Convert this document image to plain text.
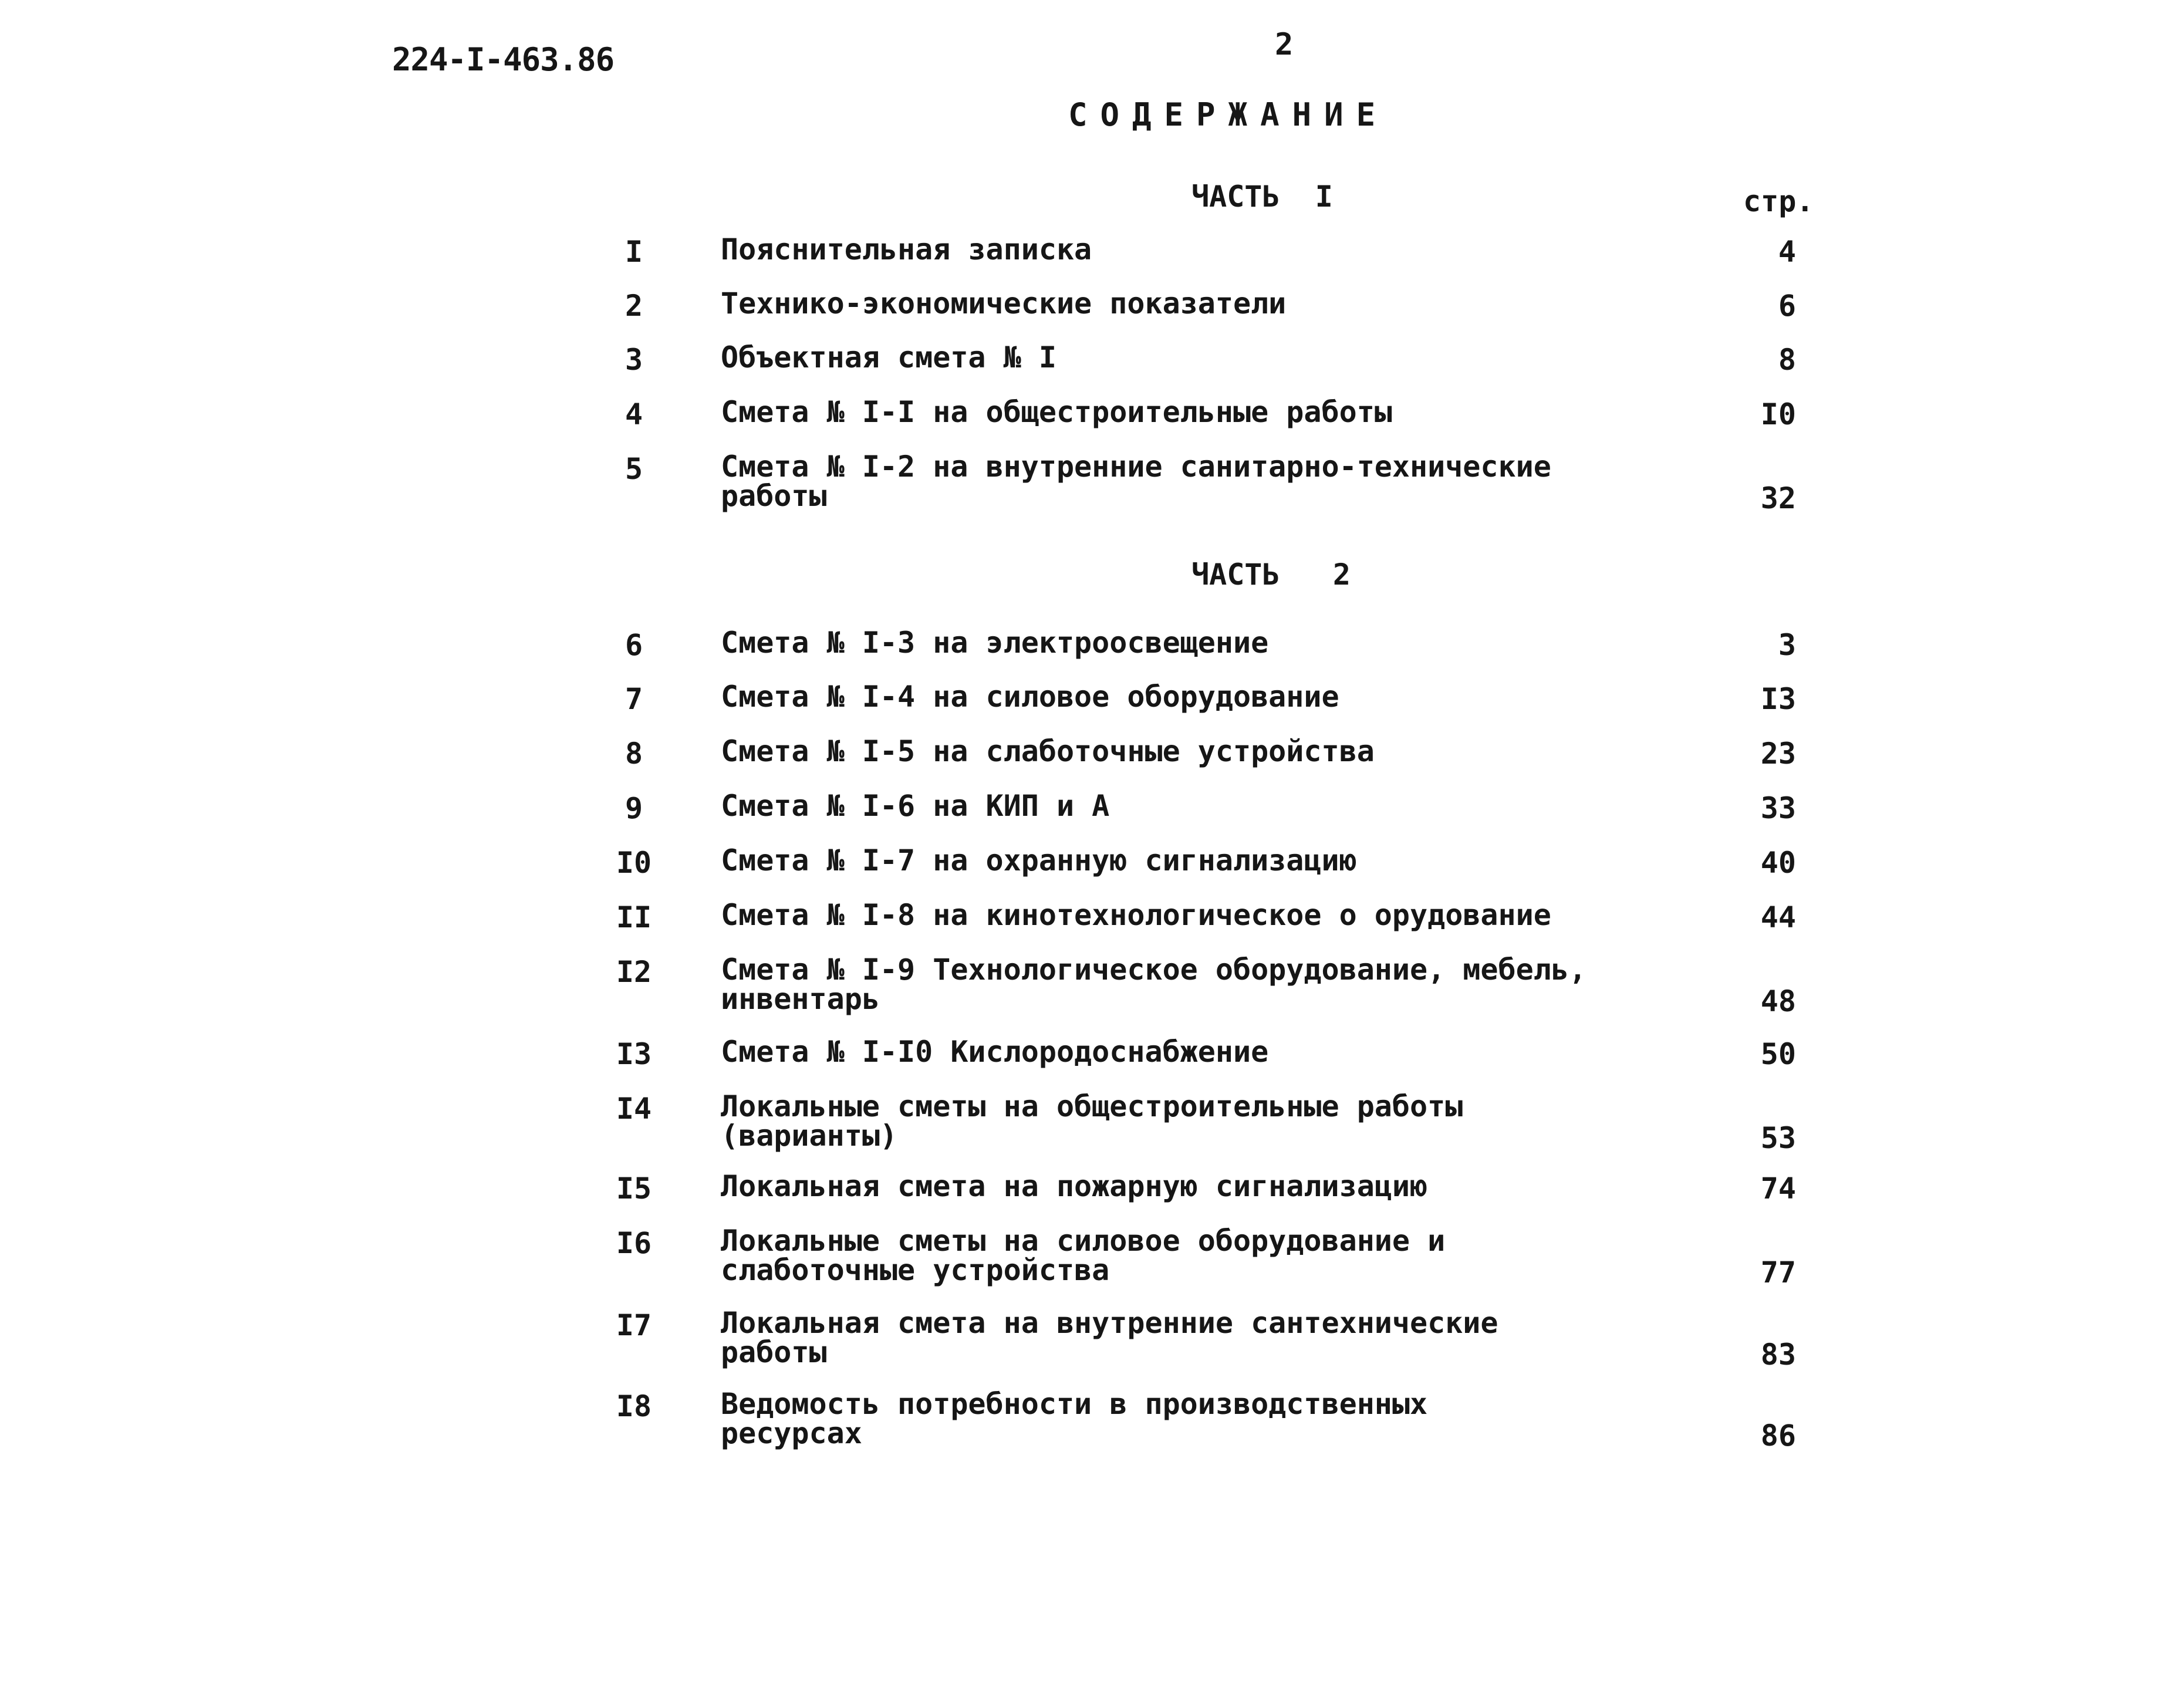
224-I-463.86	2
СОДЕРЖАНИЕ
ЧАСТЬ  I	стр.
I	Пояснительная записка	4
2	Технико-экономические показатели	6
3	Объектная смета № I	8
4	Смета № I-I на общестроительные работы	I0
5	Смета № I-2 на внутренние санитарно-технические
работы	32
ЧАСТЬ   2
6	Смета № I-3 на электроосвещение	3
7	Смета № I-4 на силовое оборудование	I3
8	Смета № I-5 на слаботочные устройства	23
9	Смета № I-6 на КИП и А	33
I0	Смета № I-7 на охранную сигнализацию	40
II	Смета № I-8 на кинотехнологическое о орудование	44
I2	Смета № I-9 Технологическое оборудование, мебель,
инвентарь	48
I3	Смета № I-I0 Кислородоснабжение	50
I4	Локальные сметы на общестроительные работы
(варианты)	53
I5	Локальная смета на пожарную сигнализацию	74
I6	Локальные сметы на силовое оборудование и
слаботочные устройства	77
I7	Локальная смета на внутренние сантехнические
работы	83
I8	Ведомость потребности в производственных
ресурсах	86
